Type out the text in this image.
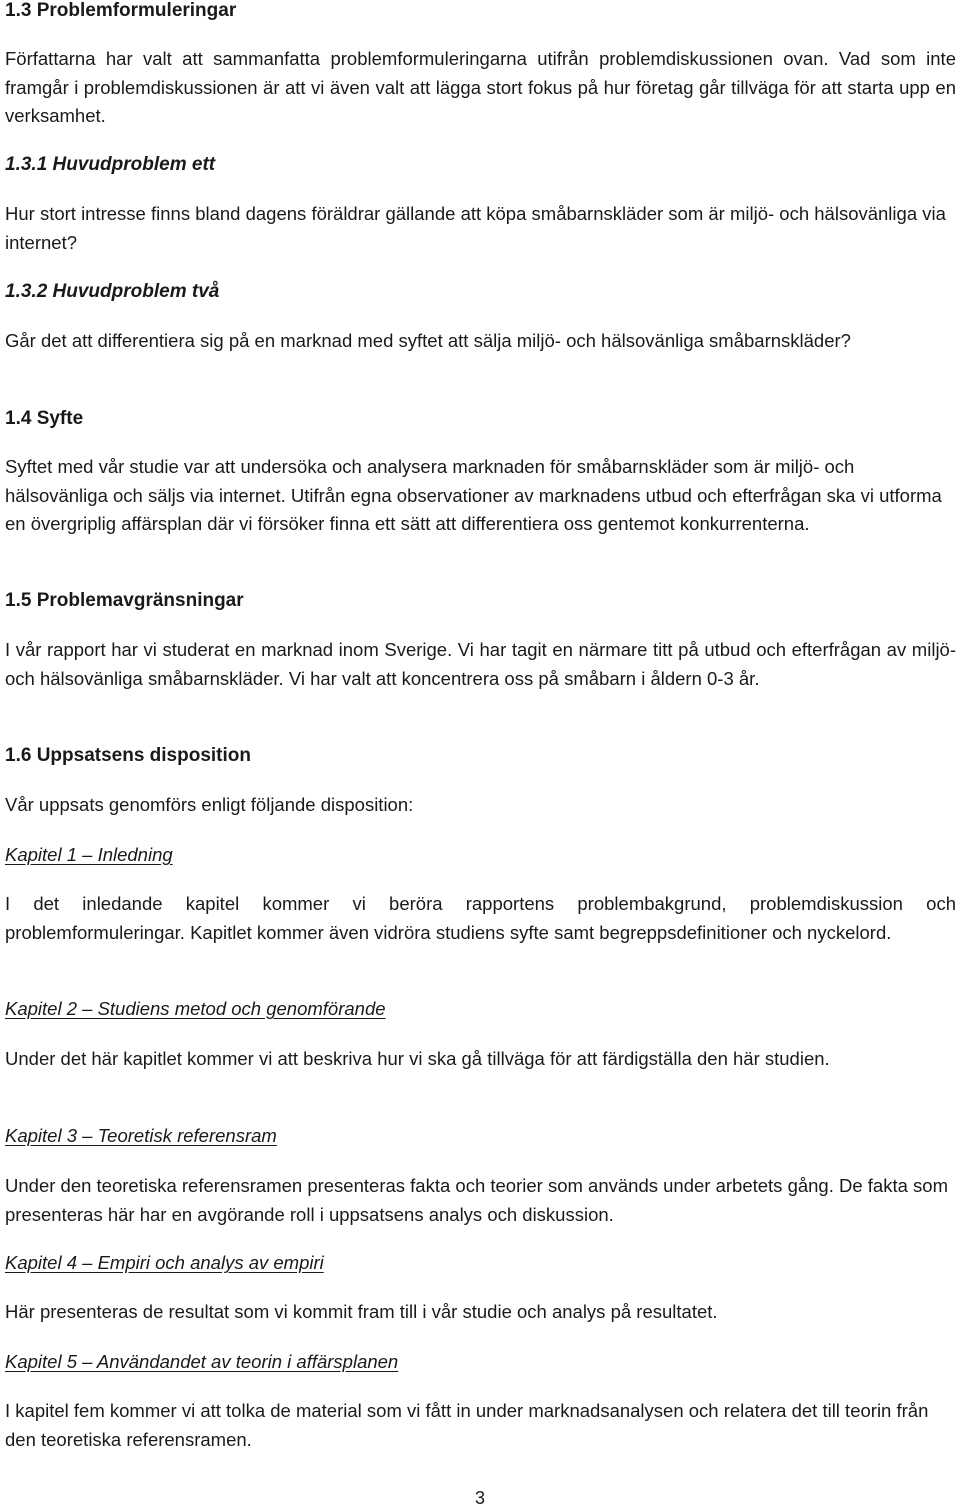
1.3 Problemformuleringar

Författarna har valt att sammanfatta problemformuleringarna utifrån problemdiskussionen ovan. Vad som inte framgår i problemdiskussionen är att vi även valt att lägga stort fokus på hur företag går tillväga för att starta upp en verksamhet.

1.3.1 Huvudproblem ett

Hur stort intresse finns bland dagens föräldrar gällande att köpa småbarnskläder som är miljö- och hälsovänliga via internet?

1.3.2 Huvudproblem två

Går det att differentiera sig på en marknad med syftet att sälja miljö- och hälsovänliga småbarnskläder?

1.4 Syfte

Syftet med vår studie var att undersöka och analysera marknaden för småbarnskläder som är miljö- och hälsovänliga och säljs via internet. Utifrån egna observationer av marknadens utbud och efterfrågan ska vi utforma en övergriplig affärsplan där vi försöker finna ett sätt att differentiera oss gentemot konkurrenterna.

1.5 Problemavgränsningar

I vår rapport har vi studerat en marknad inom Sverige. Vi har tagit en närmare titt på utbud och efterfrågan av miljö- och hälsovänliga småbarnskläder. Vi har valt att koncentrera oss på småbarn i åldern 0-3 år.

1.6 Uppsatsens disposition

Vår uppsats genomförs enligt följande disposition:

Kapitel 1 – Inledning

I det inledande kapitel kommer vi beröra rapportens problembakgrund, problemdiskussion och problemformuleringar. Kapitlet kommer även vidröra studiens syfte samt begreppsdefinitioner och nyckelord.

Kapitel 2 – Studiens metod och genomförande

Under det här kapitlet kommer vi att beskriva hur vi ska gå tillväga för att färdigställa den här studien.

Kapitel 3 – Teoretisk referensram

Under den teoretiska referensramen presenteras fakta och teorier som används under arbetets gång. De fakta som presenteras här har en avgörande roll i uppsatsens analys och diskussion.

Kapitel 4 – Empiri och analys av empiri

Här presenteras de resultat som vi kommit fram till i vår studie och analys på resultatet.

Kapitel 5 – Användandet av teorin i affärsplanen

I kapitel fem kommer vi att tolka de material som vi fått in under marknadsanalysen och relatera det till teorin från den teoretiska referensramen.

3
